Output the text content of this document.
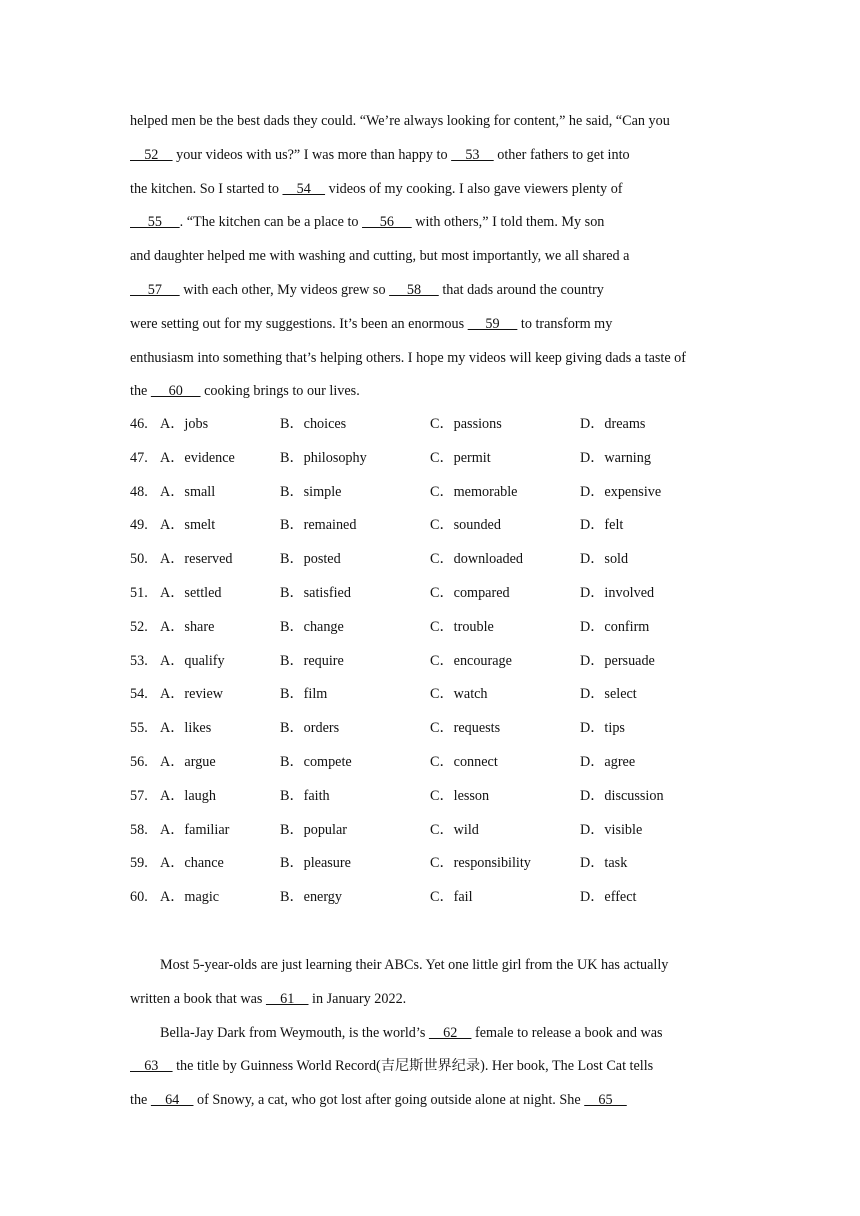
helped men be the best dads they could. “We’re always looking for content,” he said, “Can you
52     your videos with us?” I was more than happy to     53     other fathers to get into
the kitchen. So I started to     54     videos of my cooking. I also gave viewers plenty of
55     . “The kitchen can be a place to      56      with others,” I told them. My son
and daughter helped me with washing and cutting, but most importantly, we all shared a
57      with each other, My videos grew so      58      that dads around the country
were setting out for my suggestions. It’s been an enormous      59      to transform my
enthusiasm into something that’s helping others. I hope my videos will keep giving dads a taste of
the      60      cooking brings to our lives.
46. A．jobs	B．choices	C．passions	D．dreams
47. A．evidence	B．philosophy	C．permit	D．warning
48. A．small	B．simple	C．memorable	D．expensive
49. A．smelt	B．remained	C．sounded	D．felt
50. A．reserved	B．posted	C．downloaded	D．sold
51. A．settled	B．satisfied	C．compared	D．involved
52. A．share	B．change	C．trouble	D．confirm
53. A．qualify	B．require	C．encourage	D．persuade
54. A．review	B．film	C．watch	D．select
55. A．likes	B．orders	C．requests	D．tips
56. A．argue	B．compete	C．connect	D．agree
57. A．laugh	B．faith	C．lesson	D．discussion
58. A．familiar	B．popular	C．wild	D．visible
59. A．chance	B．pleasure	C．responsibility	D．task
60. A．magic	B．energy	C．fail	D．effect
Most 5-year-olds are just learning their ABCs. Yet one little girl from the UK has actually
written a book that was     61     in January 2022.
Bella-Jay Dark from Weymouth, is the world’s     62     female to release a book and was
63     the title by Guinness World Record(吉尼斯世界纪录). Her book, The Lost Cat tells
the     64     of Snowy, a cat, who got lost after going outside alone at night. She     65
